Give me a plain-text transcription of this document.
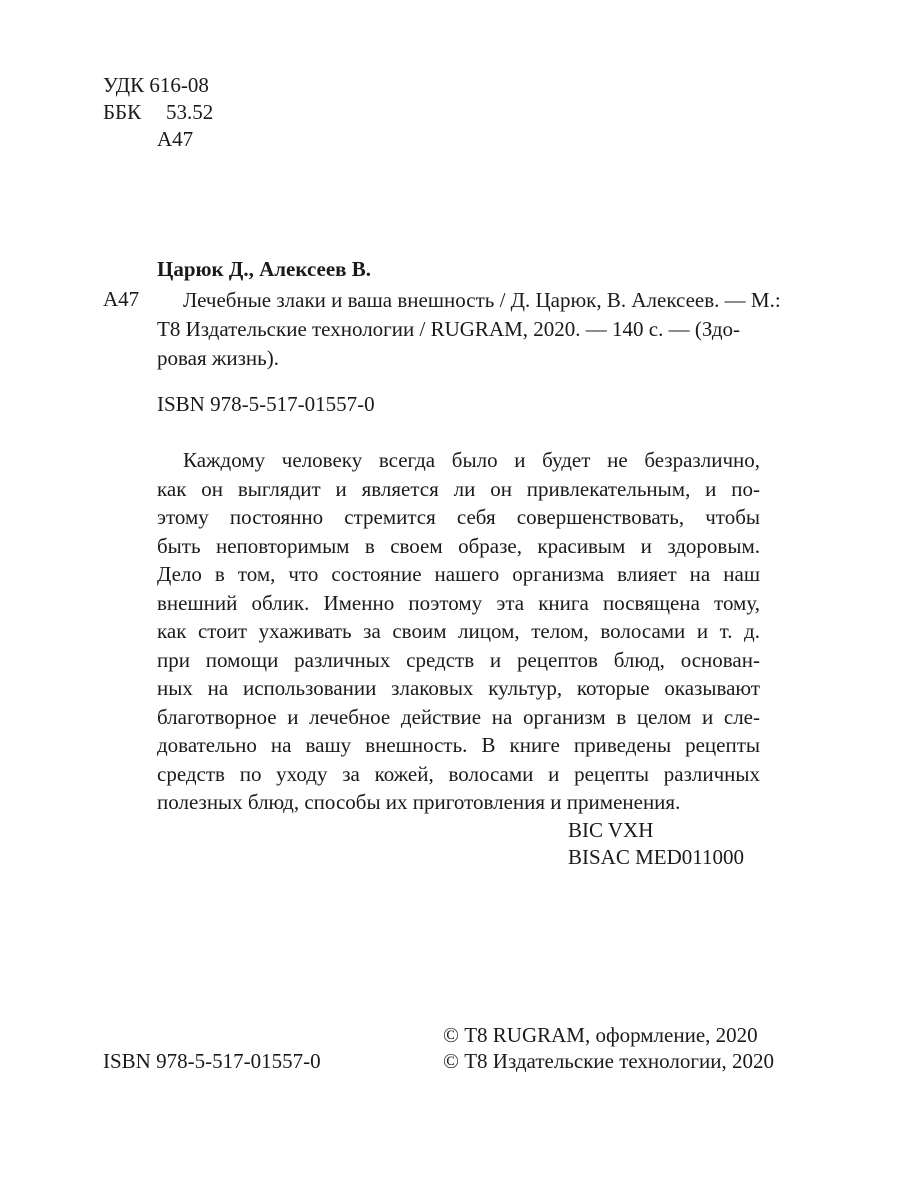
УДК 616-08

ББК 53.52

А47

Царюк Д., Алексеев В.

А47	Лечебные злаки и ваша внешность / Д. Царюк, В. Алексеев. — М.:
Т8 Издательские технологии / RUGRAM, 2020. — 140 с. — (Здо-
ровая жизнь).

ISBN 978-5-517-01557-0

Каждому человеку всегда было и будет не безразлично,
как он выглядит и является ли он привлекательным, и по-
этому постоянно стремится себя совершенствовать, чтобы
быть неповторимым в своем образе, красивым и здоровым.
Дело в том, что состояние нашего организма влияет на наш
внешний облик. Именно поэтому эта книга посвящена тому,
как стоит ухаживать за своим лицом, телом, волосами и т. д.
при помощи различных средств и рецептов блюд, основан-
ных на использовании злаковых культур, которые оказывают
благотворное и лечебное действие на организм в целом и сле-
довательно на вашу внешность. В книге приведены рецепты
средств по уходу за кожей, волосами и рецепты различных
полезных блюд, способы их приготовления и применения.

BIC VXH

BISAC MED011000

© Т8 RUGRAM, оформление, 2020

ISBN 978-5-517-01557-0	© Т8 Издательские технологии, 2020
